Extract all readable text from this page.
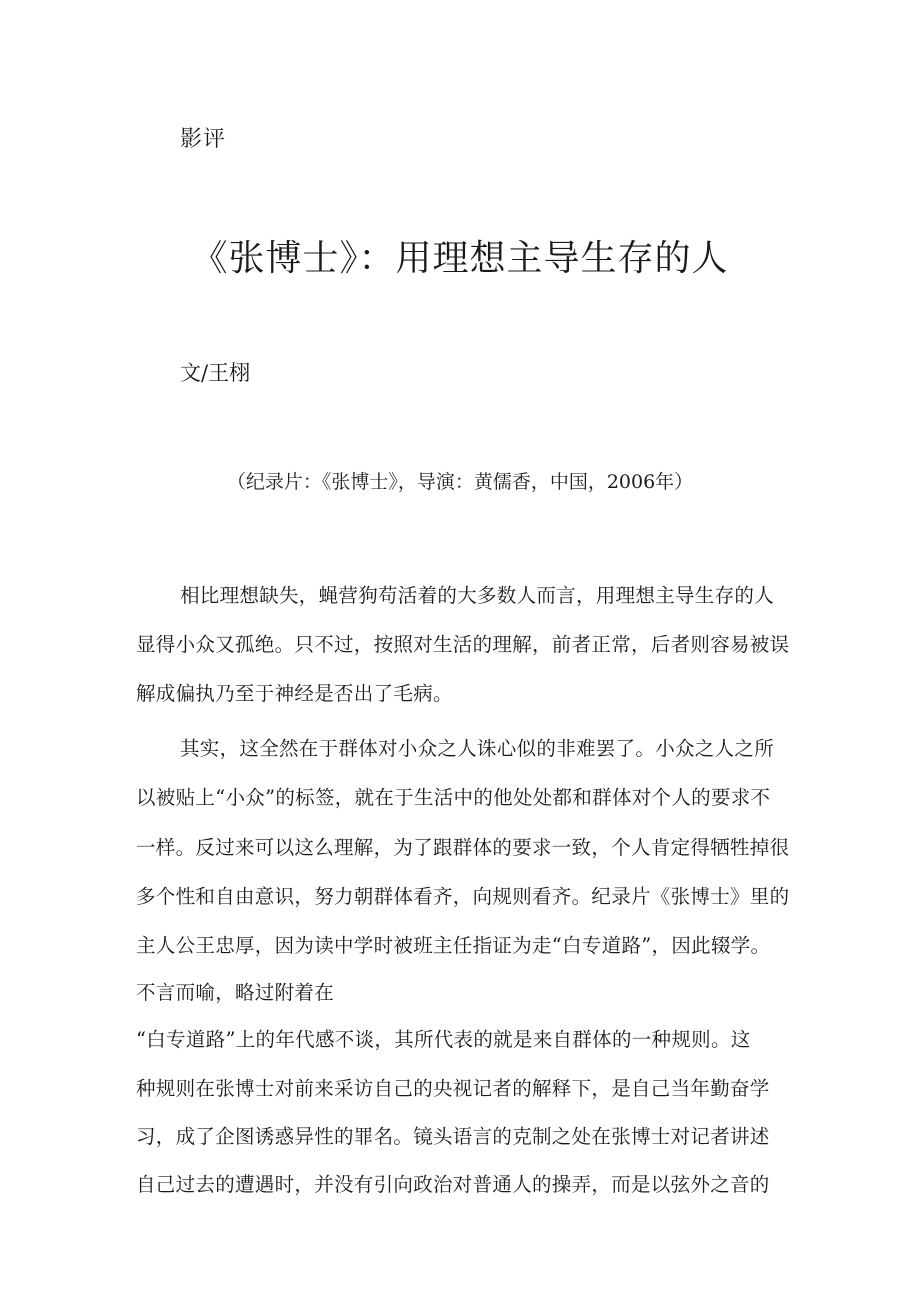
影评
《张博士》：用理想主导生存的人
文/王栩
（纪录片：《张博士》，导演：黄儒香，中国，2006年）
相比理想缺失，蝇营狗苟活着的大多数人而言，用理想主导生存的人
显得小众又孤绝。只不过，按照对生活的理解，前者正常，后者则容易被误
解成偏执乃至于神经是否出了毛病。
其实，这全然在于群体对小众之人诛心似的非难罢了。小众之人之所
以被贴上“小众”的标签，就在于生活中的他处处都和群体对个人的要求不
一样。反过来可以这么理解，为了跟群体的要求一致，个人肯定得牺牲掉很
多个性和自由意识，努力朝群体看齐，向规则看齐。纪录片《张博士》里的
主人公王忠厚，因为读中学时被班主任指证为走“白专道路”，因此辍学。
不言而喻，略过附着在
“白专道路”上的年代感不谈，其所代表的就是来自群体的一种规则。这
种规则在张博士对前来采访自己的央视记者的解释下，是自己当年勤奋学
习，成了企图诱惑异性的罪名。镜头语言的克制之处在张博士对记者讲述
自己过去的遭遇时，并没有引向政治对普通人的操弄，而是以弦外之音的
